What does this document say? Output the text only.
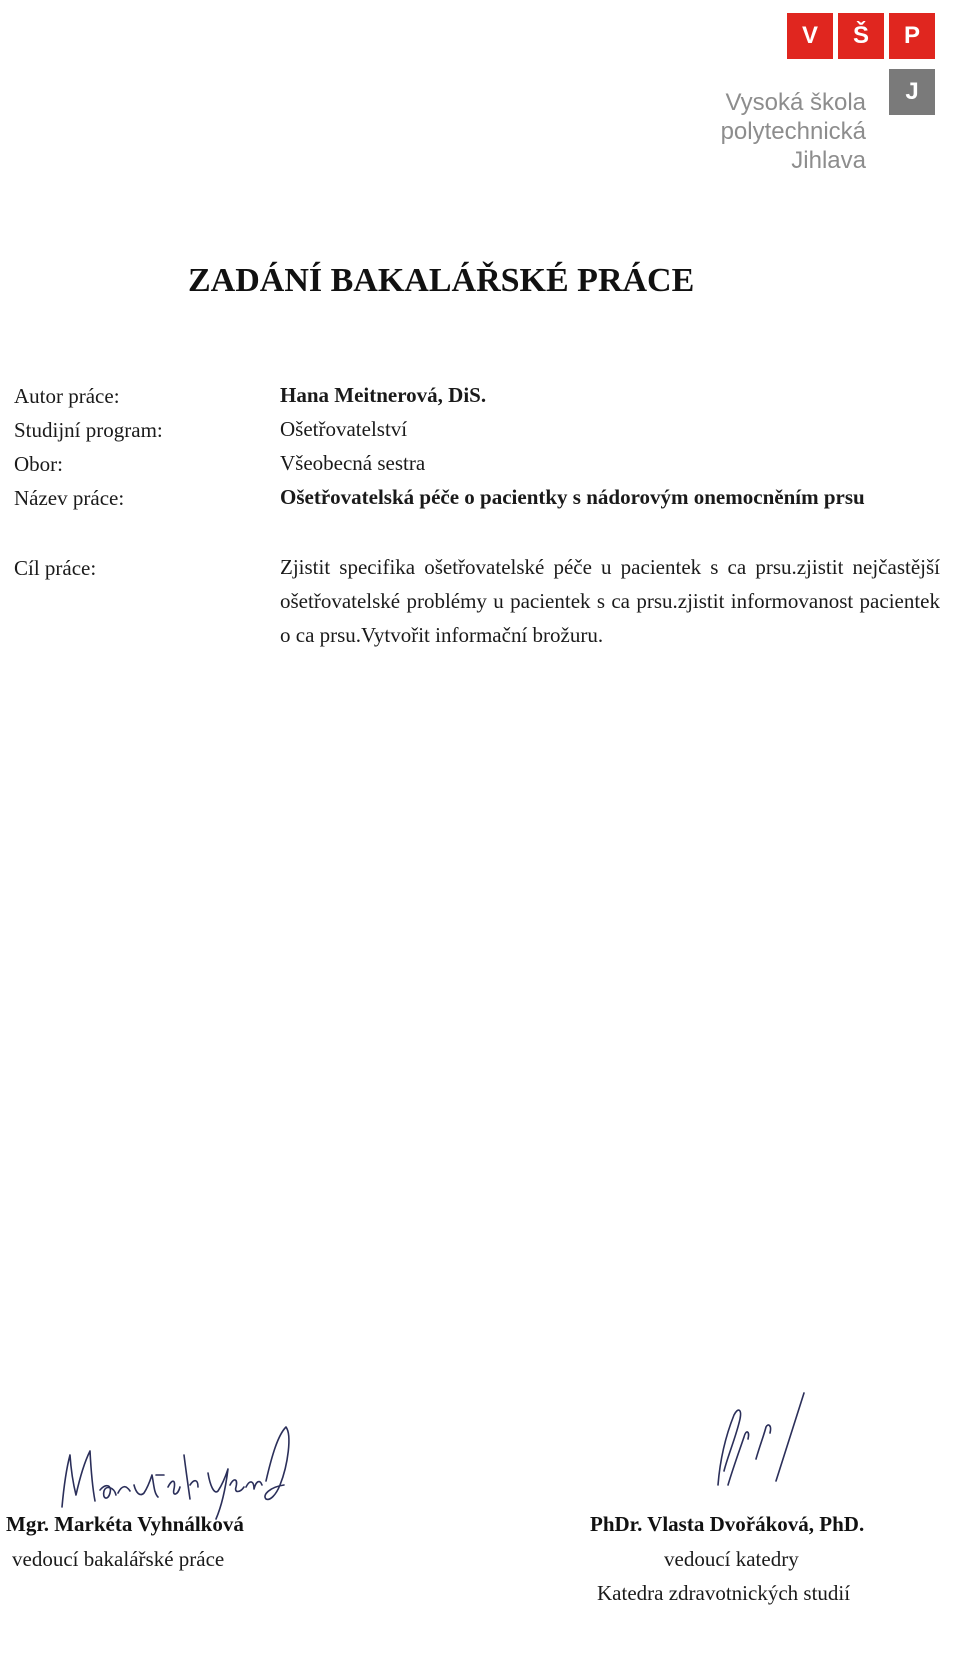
V	Š	P
J
Vysoká škola
polytechnická
Jihlava
ZADÁNÍ BAKALÁŘSKÉ PRÁCE
Autor práce:	Hana Meitnerová, DiS.
Studijní program:	Ošetřovatelství
Obor:	Všeobecná sestra
Název práce:	Ošetřovatelská péče o pacientky s nádorovým onemocněním prsu
Cíl práce:	Zjistit specifika ošetřovatelské péče u pacientek s ca prsu.zjistit nejčastější ošetřovatelské problémy u pacientek s ca prsu.zjistit informovanost pacientek o ca prsu.Vytvořit informační brožuru.
Mgr. Markéta Vyhnálková
vedoucí bakalářské práce
PhDr. Vlasta Dvořáková, PhD.
vedoucí katedry
Katedra zdravotnických studií
